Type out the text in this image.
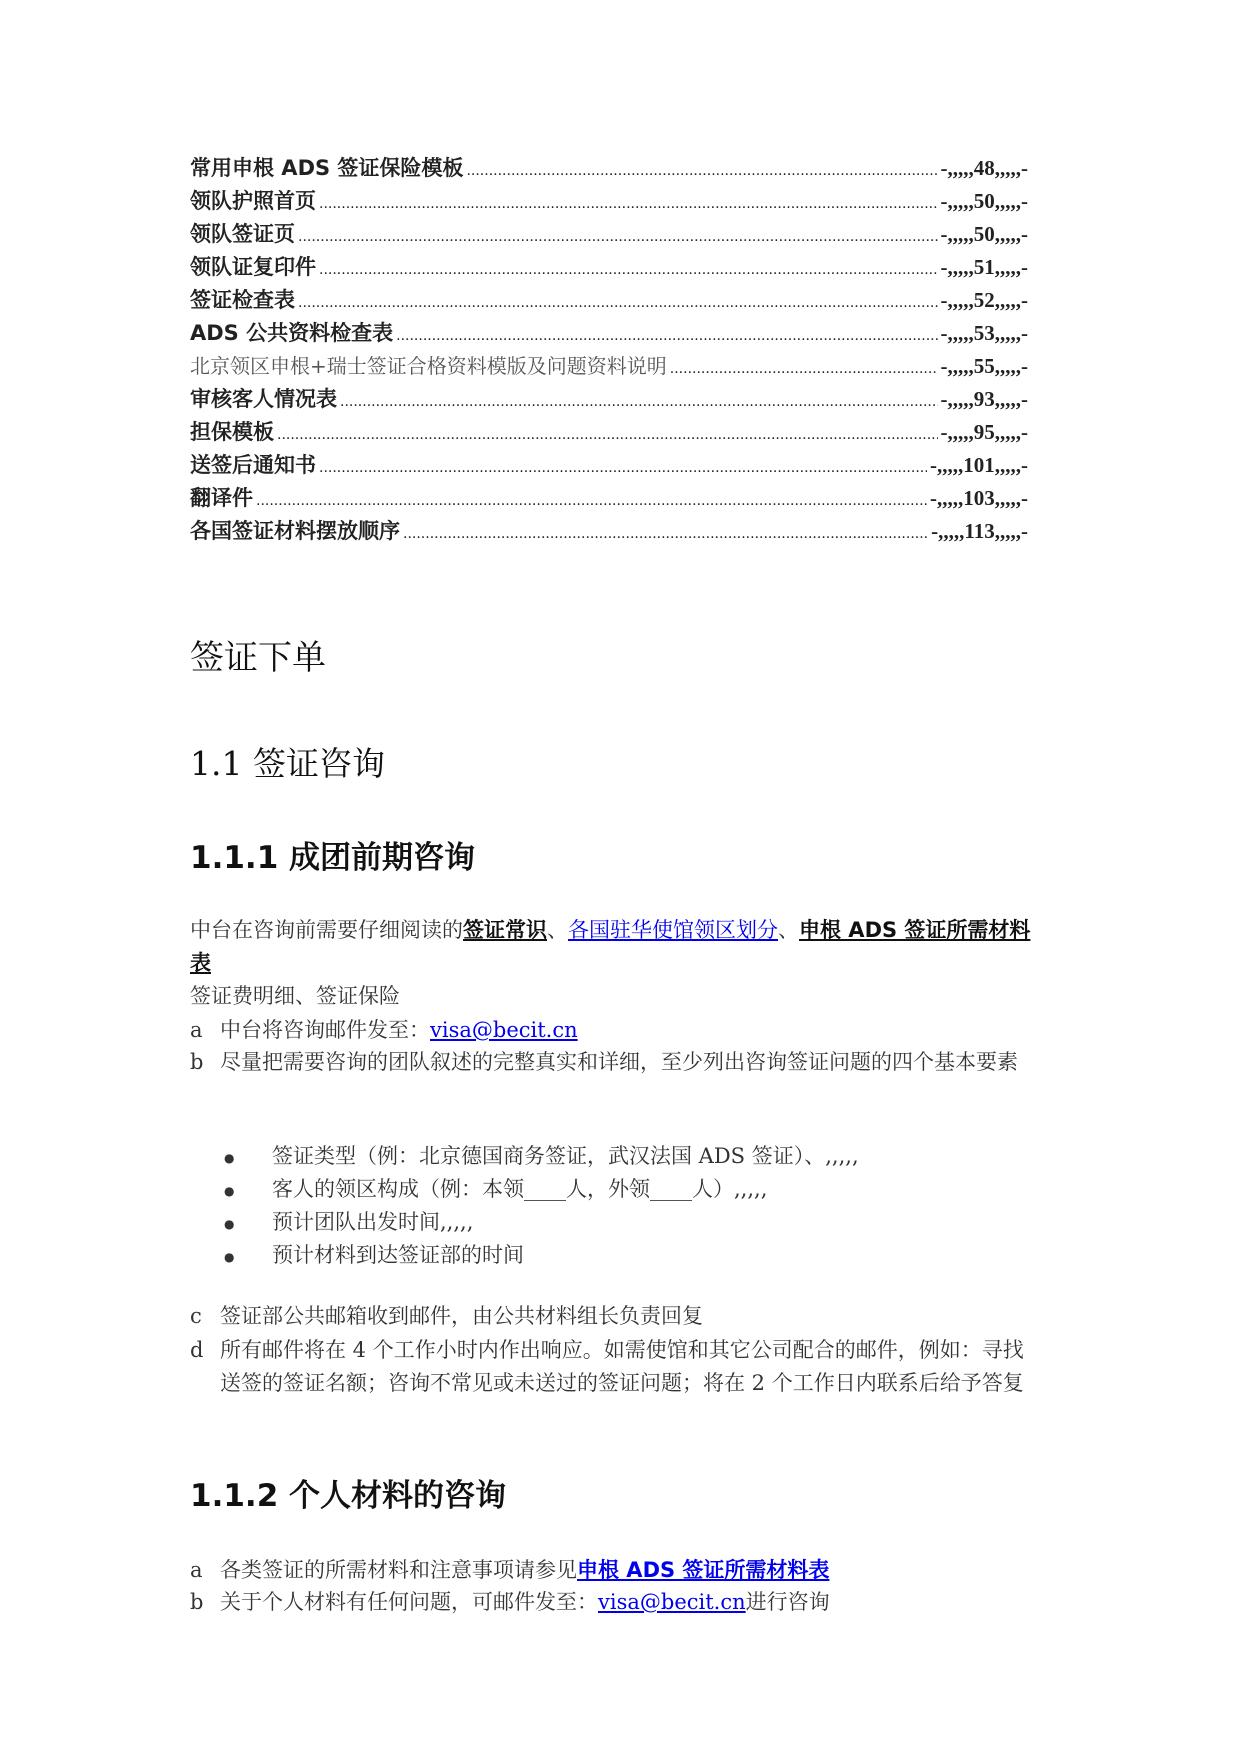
常用申根 ADS 签证保险模板 .....	-,,,,,48,,,,,-
领队护照首页 .....	-,,,,,50,,,,,-
领队签证页 .....	-,,,,,50,,,,,-
领队证复印件 .....	-,,,,,51,,,,,-
签证检查表 .....	-,,,,,52,,,,,-
ADS 公共资料检查表 .....	-,,,,,53,,,,,-
北京领区申根+瑞士签证合格资料模版及问题资料说明 .....	-,,,,,55,,,,,-
审核客人情况表 .....	-,,,,,93,,,,,-
担保模板 .....	-,,,,,95,,,,,-
送签后通知书 .....	-,,,,,101,,,,,-
翻译件 .....	-,,,,,103,,,,,-
各国签证材料摆放顺序 .....	-,,,,,113,,,,,-
签证下单
1.1 签证咨询
1.1.1 成团前期咨询
中台在咨询前需要仔细阅读的签证常识、各国驻华使馆领区划分、申根 ADS 签证所需材料
表
签证费明细、签证保险
a 中台将咨询邮件发至：visa@becit.cn
b 尽量把需要咨询的团队叙述的完整真实和详细，至少列出咨询签证问题的四个基本要素
● 签证类型（例：北京德国商务签证，武汉法国 ADS 签证）、,,,,,
● 客人的领区构成（例：本领____人，外领____人）,,,,,
● 预计团队出发时间,,,,,
● 预计材料到达签证部的时间
c 签证部公共邮箱收到邮件，由公共材料组长负责回复
d 所有邮件将在 4 个工作小时内作出响应。如需使馆和其它公司配合的邮件，例如：寻找
送签的签证名额；咨询不常见或未送过的签证问题；将在 2 个工作日内联系后给予答复
1.1.2 个人材料的咨询
a 各类签证的所需材料和注意事项请参见申根 ADS 签证所需材料表
b 关于个人材料有任何问题，可邮件发至：visa@becit.cn进行咨询
